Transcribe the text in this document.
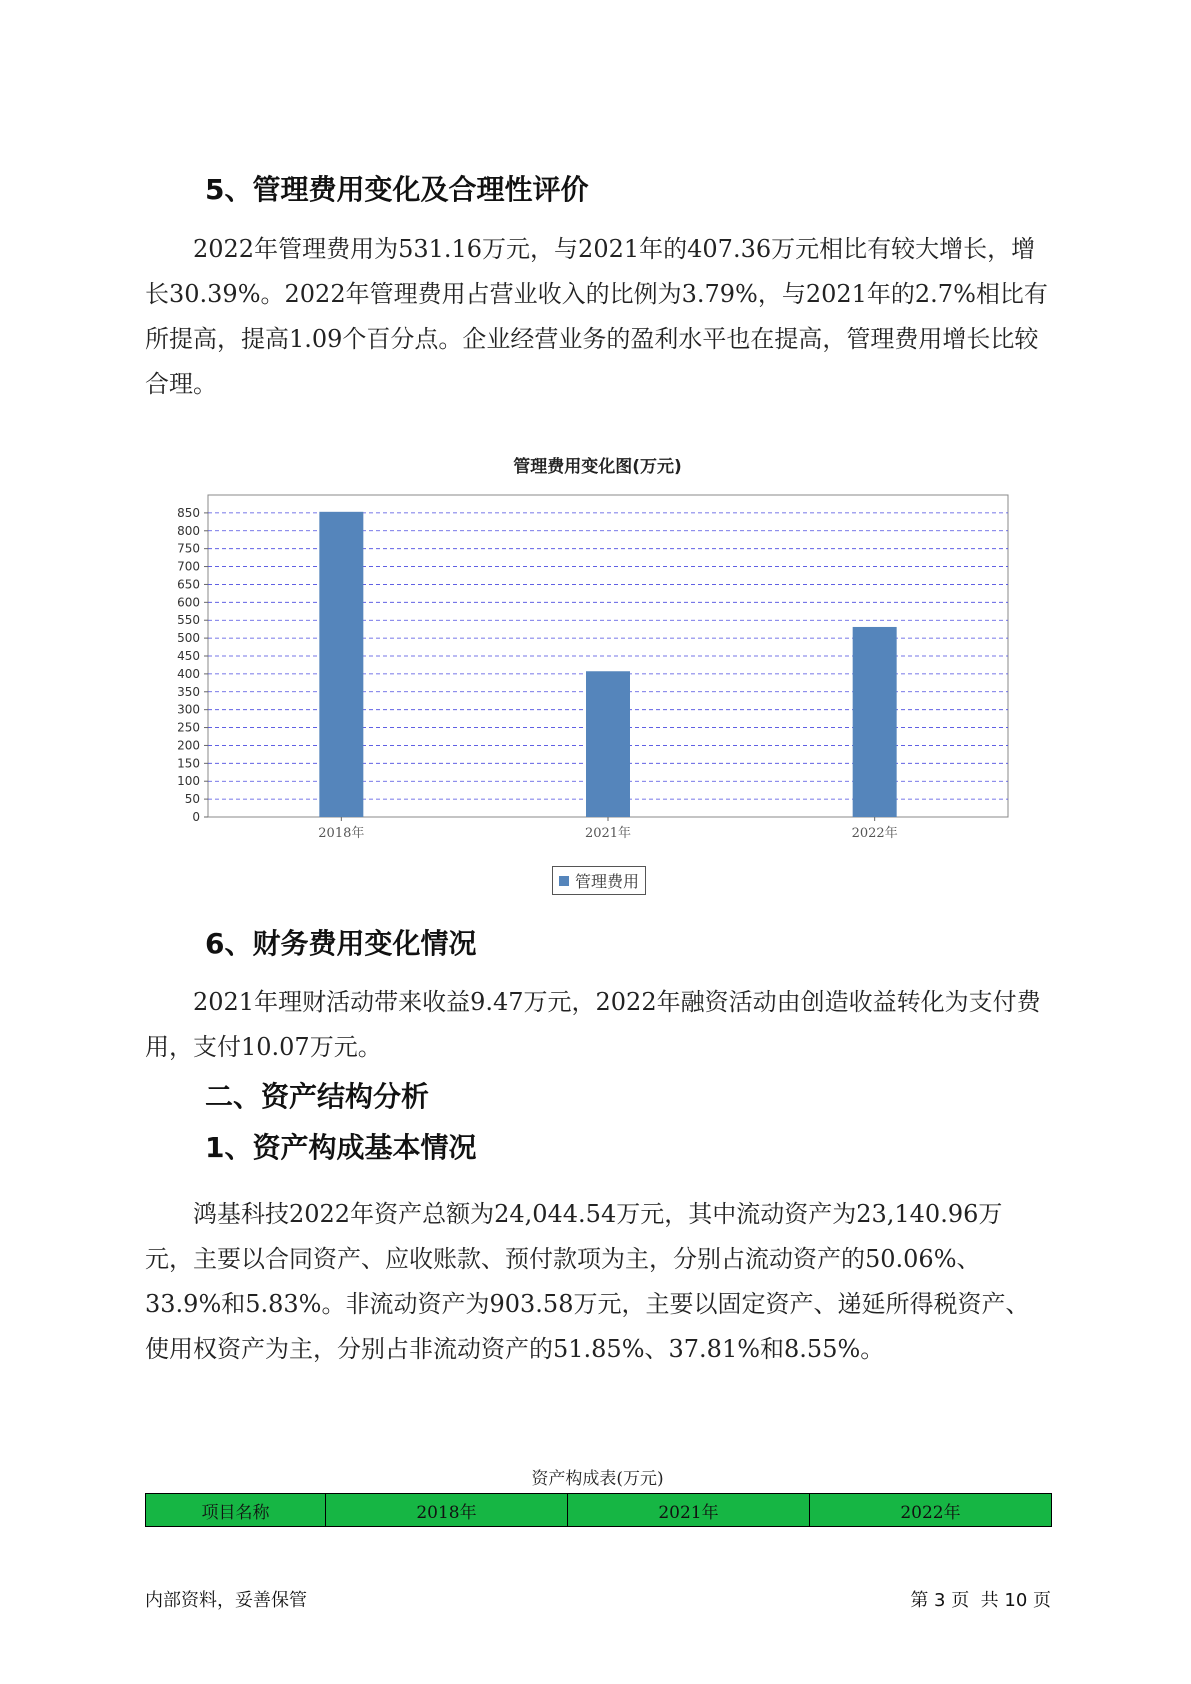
5、管理费用变化及合理性评价

2022年管理费用为531.16万元，与2021年的407.36万元相比有较大增长，增长30.39%。2022年管理费用占营业收入的比例为3.79%，与2021年的2.7%相比有所提高，提高1.09个百分点。企业经营业务的盈利水平也在提高，管理费用增长比较合理。

管理费用变化图(万元)
0
50
100
150
200
250
300
350
400
450
500
550
600
650
700
750
800
850
2018年	2021年	2022年
6、财务费用变化情况

2021年理财活动带来收益9.47万元，2022年融资活动由创造收益转化为支付费用，支付10.07万元。

二、资产结构分析
1、资产构成基本情况

鸿基科技2022年资产总额为24,044.54万元，其中流动资产为23,140.96万元，主要以合同资产、应收账款、预付款项为主，分别占流动资产的50.06%、33.9%和5.83%。非流动资产为903.58万元，主要以固定资产、递延所得税资产、使用权资产为主，分别占非流动资产的51.85%、37.81%和8.55%。

资产构成表(万元)
项目名称	2018年	2021年	2022年
内部资料，妥善保管	第 3 页  共 10 页
管理费用
